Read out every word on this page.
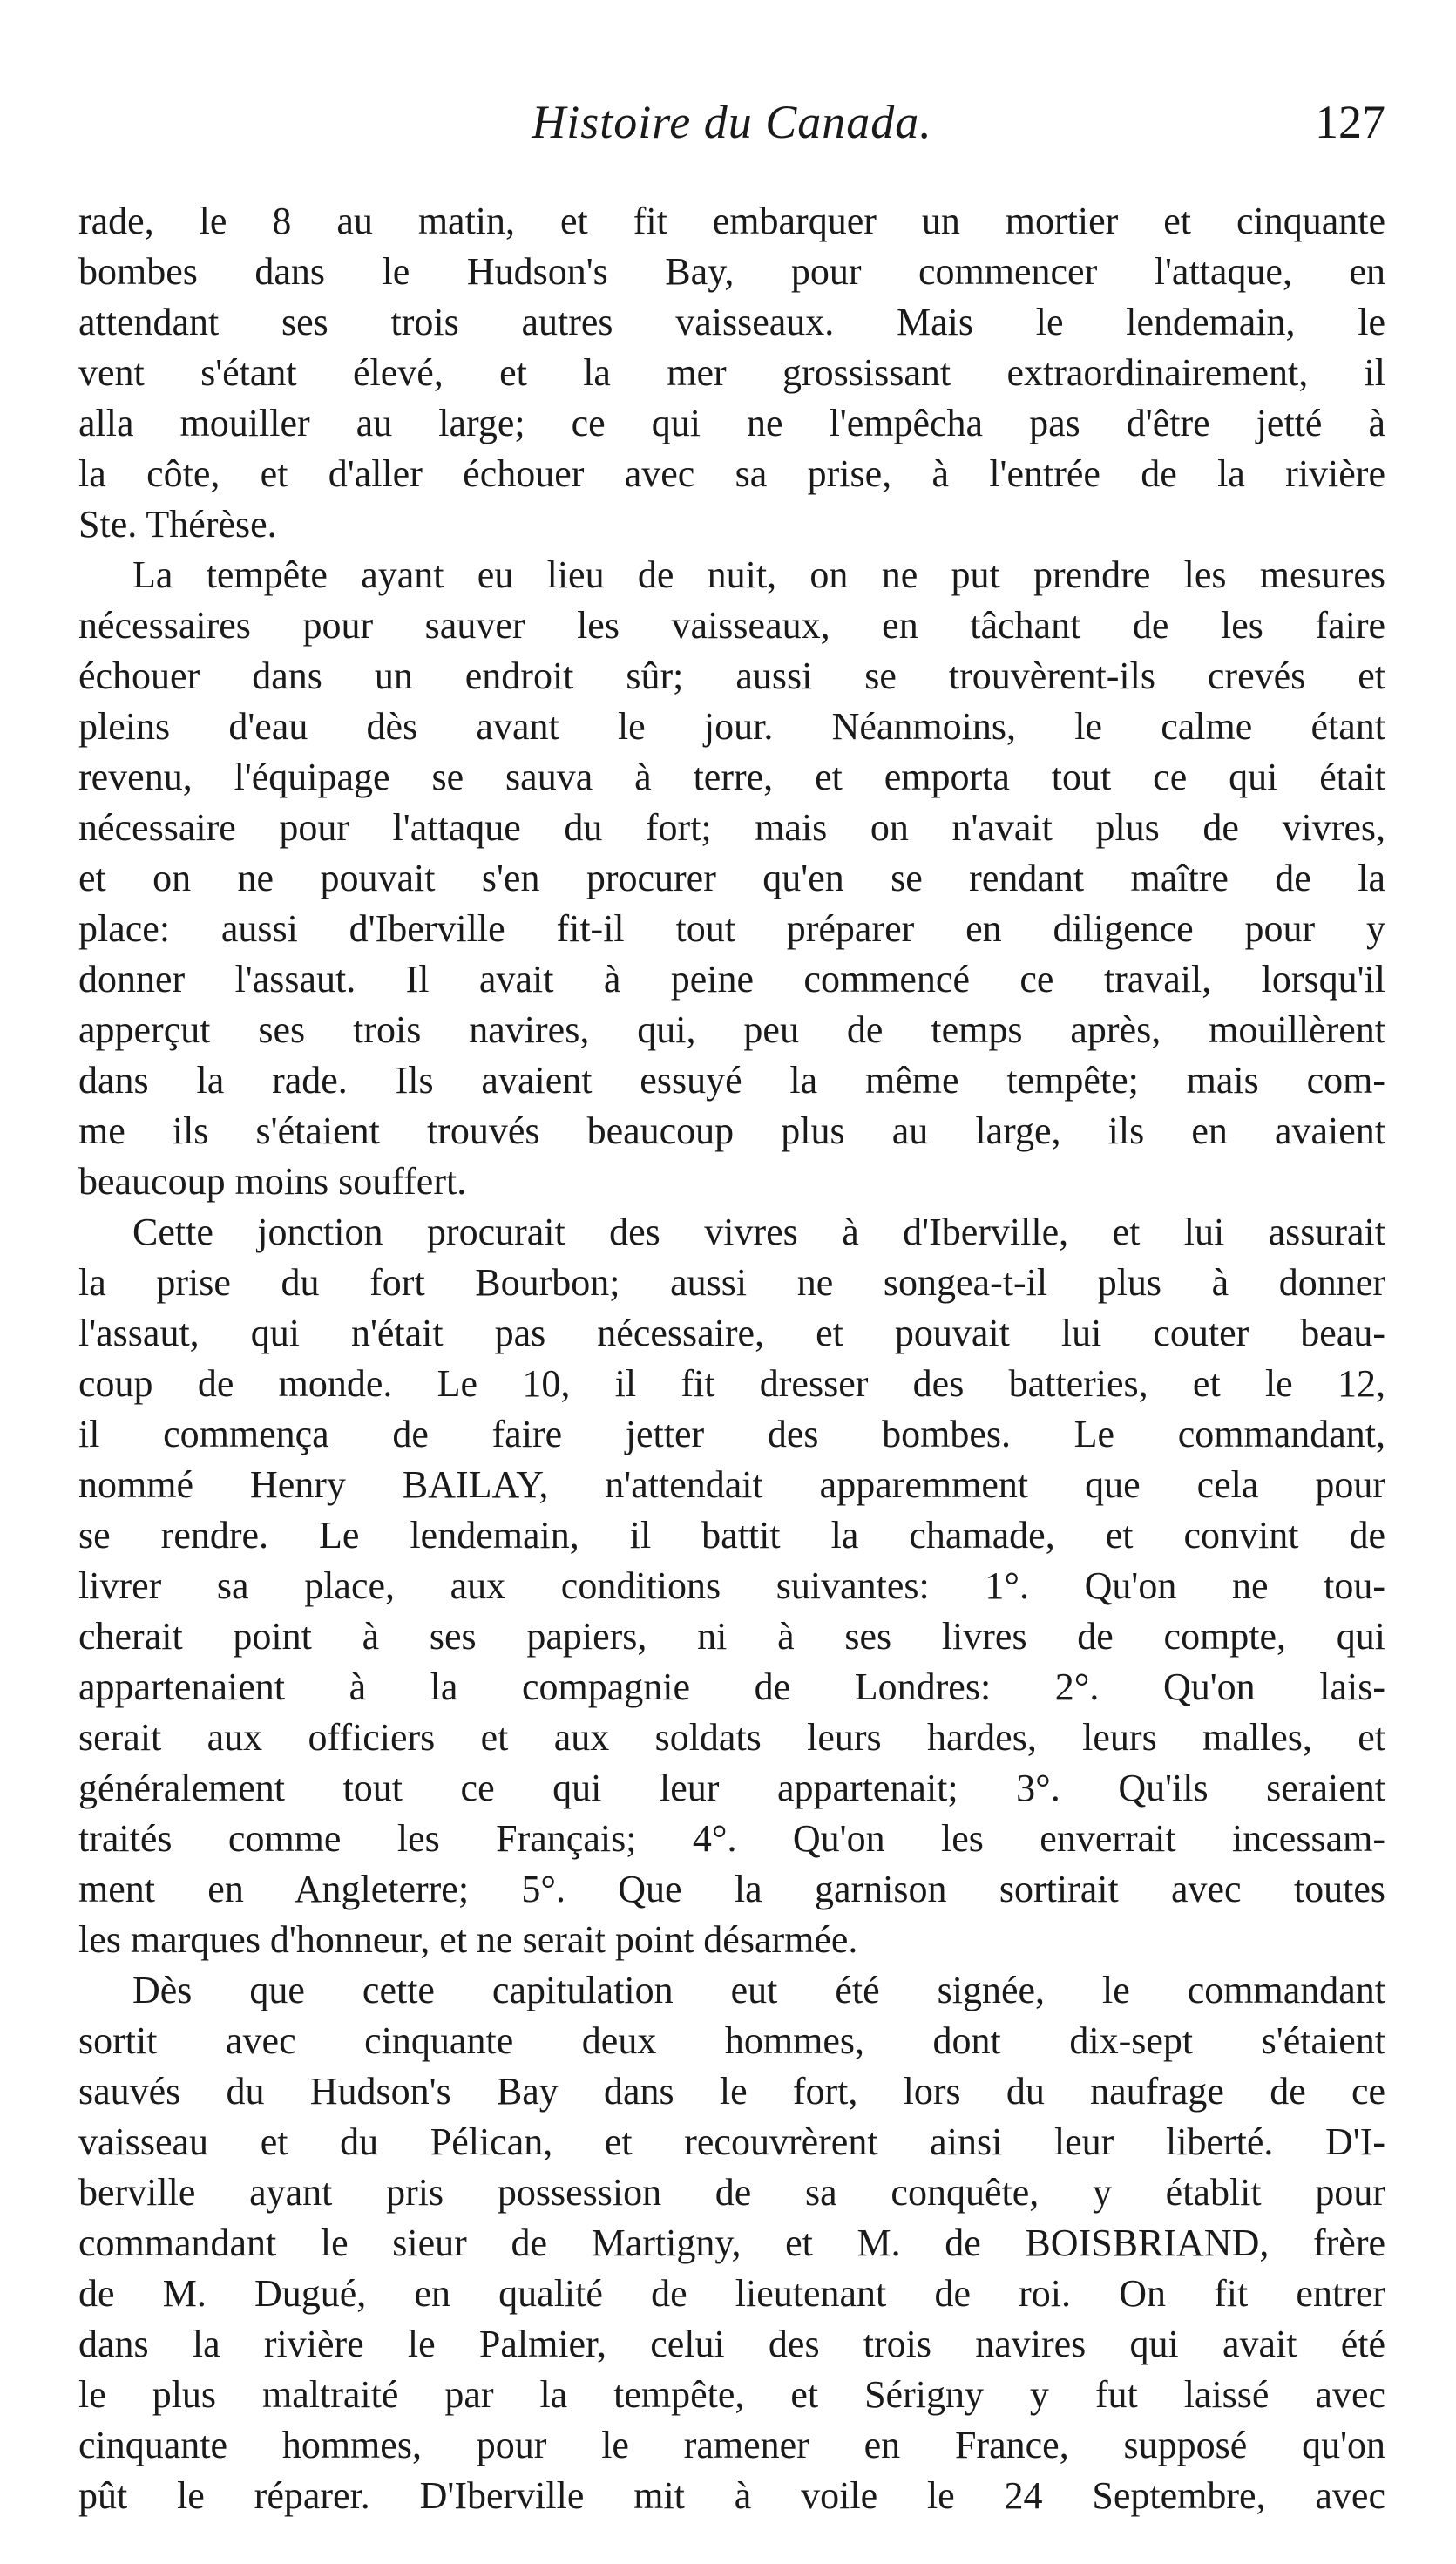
Histoire du Canada.	127
rade, le 8 au matin, et fit embarquer un mortier et cinquante
bombes dans le Hudson's Bay, pour commencer l'attaque, en
attendant ses trois autres vaisseaux. Mais le lendemain, le
vent s'étant élevé, et la mer grossissant extraordinairement, il
alla mouiller au large; ce qui ne l'empêcha pas d'être jetté à
la côte, et d'aller échouer avec sa prise, à l'entrée de la rivière
Ste. Thérèse.
La tempête ayant eu lieu de nuit, on ne put prendre les mesures
nécessaires pour sauver les vaisseaux, en tâchant de les faire
échouer dans un endroit sûr; aussi se trouvèrent-ils crevés et
pleins d'eau dès avant le jour. Néanmoins, le calme étant
revenu, l'équipage se sauva à terre, et emporta tout ce qui était
nécessaire pour l'attaque du fort; mais on n'avait plus de vivres,
et on ne pouvait s'en procurer qu'en se rendant maître de la
place: aussi d'Iberville fit-il tout préparer en diligence pour y
donner l'assaut. Il avait à peine commencé ce travail, lorsqu'il
apperçut ses trois navires, qui, peu de temps après, mouillèrent
dans la rade. Ils avaient essuyé la même tempête; mais com-
me ils s'étaient trouvés beaucoup plus au large, ils en avaient
beaucoup moins souffert.
Cette jonction procurait des vivres à d'Iberville, et lui assurait
la prise du fort Bourbon; aussi ne songea-t-il plus à donner
l'assaut, qui n'était pas nécessaire, et pouvait lui couter beau-
coup de monde. Le 10, il fit dresser des batteries, et le 12,
il commença de faire jetter des bombes. Le commandant,
nommé Henry BAILAY, n'attendait apparemment que cela pour
se rendre. Le lendemain, il battit la chamade, et convint de
livrer sa place, aux conditions suivantes: 1°. Qu'on ne tou-
cherait point à ses papiers, ni à ses livres de compte, qui
appartenaient à la compagnie de Londres: 2°. Qu'on lais-
serait aux officiers et aux soldats leurs hardes, leurs malles, et
généralement tout ce qui leur appartenait; 3°. Qu'ils seraient
traités comme les Français; 4°. Qu'on les enverrait incessam-
ment en Angleterre; 5°. Que la garnison sortirait avec toutes
les marques d'honneur, et ne serait point désarmée.
Dès que cette capitulation eut été signée, le commandant
sortit avec cinquante deux hommes, dont dix-sept s'étaient
sauvés du Hudson's Bay dans le fort, lors du naufrage de ce
vaisseau et du Pélican, et recouvrèrent ainsi leur liberté. D'I-
berville ayant pris possession de sa conquête, y établit pour
commandant le sieur de Martigny, et M. de BOISBRIAND, frère
de M. Dugué, en qualité de lieutenant de roi. On fit entrer
dans la rivière le Palmier, celui des trois navires qui avait été
le plus maltraité par la tempête, et Sérigny y fut laissé avec
cinquante hommes, pour le ramener en France, supposé qu'on
pût le réparer. D'Iberville mit à voile le 24 Septembre, avec
